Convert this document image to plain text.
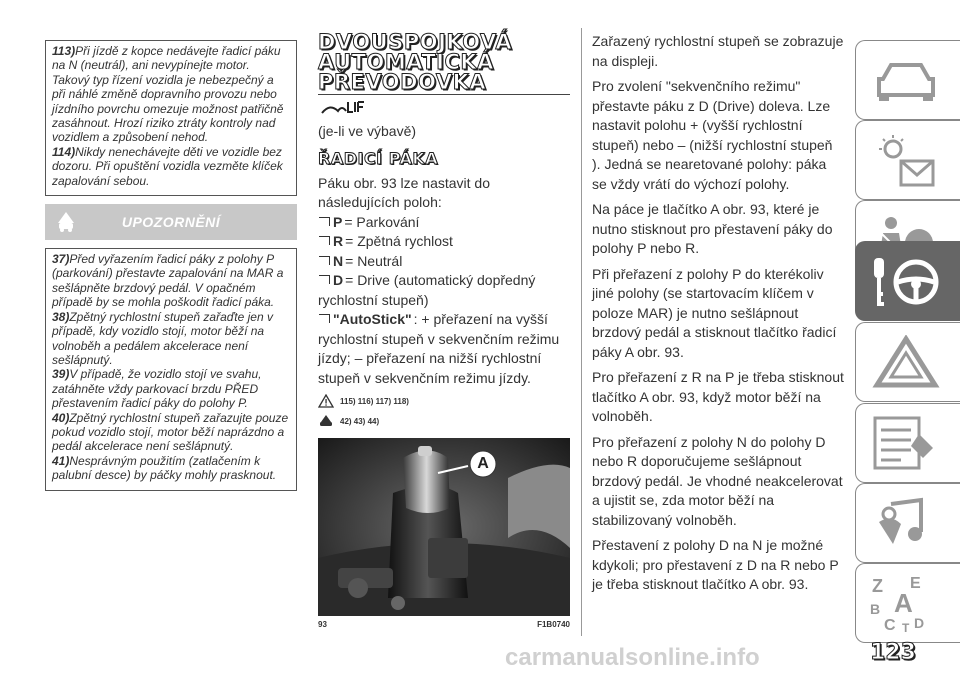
113)Při jízdě z kopce nedávejte řadicí páku na N (neutrál), ani nevypínejte motor. Takový typ řízení vozidla je nebezpečný a při náhlé změně dopravního provozu nebo jízdního povrchu omezuje možnost patřičně zasáhnout. Hrozí riziko ztráty kontroly nad vozidlem a způsobení nehod.

114)Nikdy nenechávejte děti ve vozidle bez dozoru. Při opuštění vozidla vezměte klíček zapalování sebou.

UPOZORNĚNÍ

37)Před vyřazením řadicí páky z polohy P (parkování) přestavte zapalování na MAR a sešlápněte brzdový pedál. V opačném případě by se mohla poškodit řadicí páka.

38)Zpětný rychlostní stupeň zařaďte jen v případě, kdy vozidlo stojí, motor běží na volnoběh a pedálem akcelerace není sešlápnutý.

39)V případě, že vozidlo stojí ve svahu, zatáhněte vždy parkovací brzdu PŘED přestavením řadicí páky do polohy P.

40)Zpětný rychlostní stupeň zařazujte pouze pokud vozidlo stojí, motor běží naprázdno a pedál akcelerace není sešlápnutý.

41)Nesprávným použitím (zatlačením k palubní desce) by páčky mohly prasknout.

DVOUSPOJKOVÁ
AUTOMATICKÁ
PŘEVODOVKA

(je-li ve výbavě)

ŘADICÍ PÁKA

Páku obr. 93 lze nastavit do následujících poloh:

P = Parkování
R = Zpětná rychlost
N = Neutrál
D = Drive (automatický dopředný rychlostní stupeň)
"AutoStick" : + přeřazení na vyšší rychlostní stupeň v sekvenčním režimu jízdy; – přeřazení na nižší rychlostní stupeň v sekvenčním režimu jízdy.
115) 116) 117) 118)
42) 43) 44)
A
93	F1B0740

Zařazený rychlostní stupeň se zobrazuje na displeji.

Pro zvolení "sekvenčního režimu" přestavte páku z D (Drive) doleva. Lze nastavit polohu + (vyšší rychlostní stupeň) nebo – (nižší rychlostní stupeň ). Jedná se nearetované polohy: páka se vždy vrátí do výchozí polohy.

Na páce je tlačítko A obr. 93, které je nutno stisknout pro přestavení páky do polohy P nebo R.

Při přeřazení z polohy P do kterékoliv jiné polohy (se startovacím klíčem v poloze MAR) je nutno sešlápnout brzdový pedál a stisknout tlačítko řadicí páky A obr. 93.

Pro přeřazení z R na P je třeba stisknout tlačítko A obr. 93, když motor běží na volnoběh.

Pro přeřazení z polohy N do polohy D nebo R doporučujeme sešlápnout brzdový pedál. Je vhodné neakcelerovat a ujistit se, zda motor běží na stabilizovaný volnoběh.

Přestavení z polohy D na N je možné kdykoli; pro přestavení z D na R nebo P je třeba stisknout tlačítko A obr. 93.	Z E
A
B
C D
T
123
carmanualsonline.info
